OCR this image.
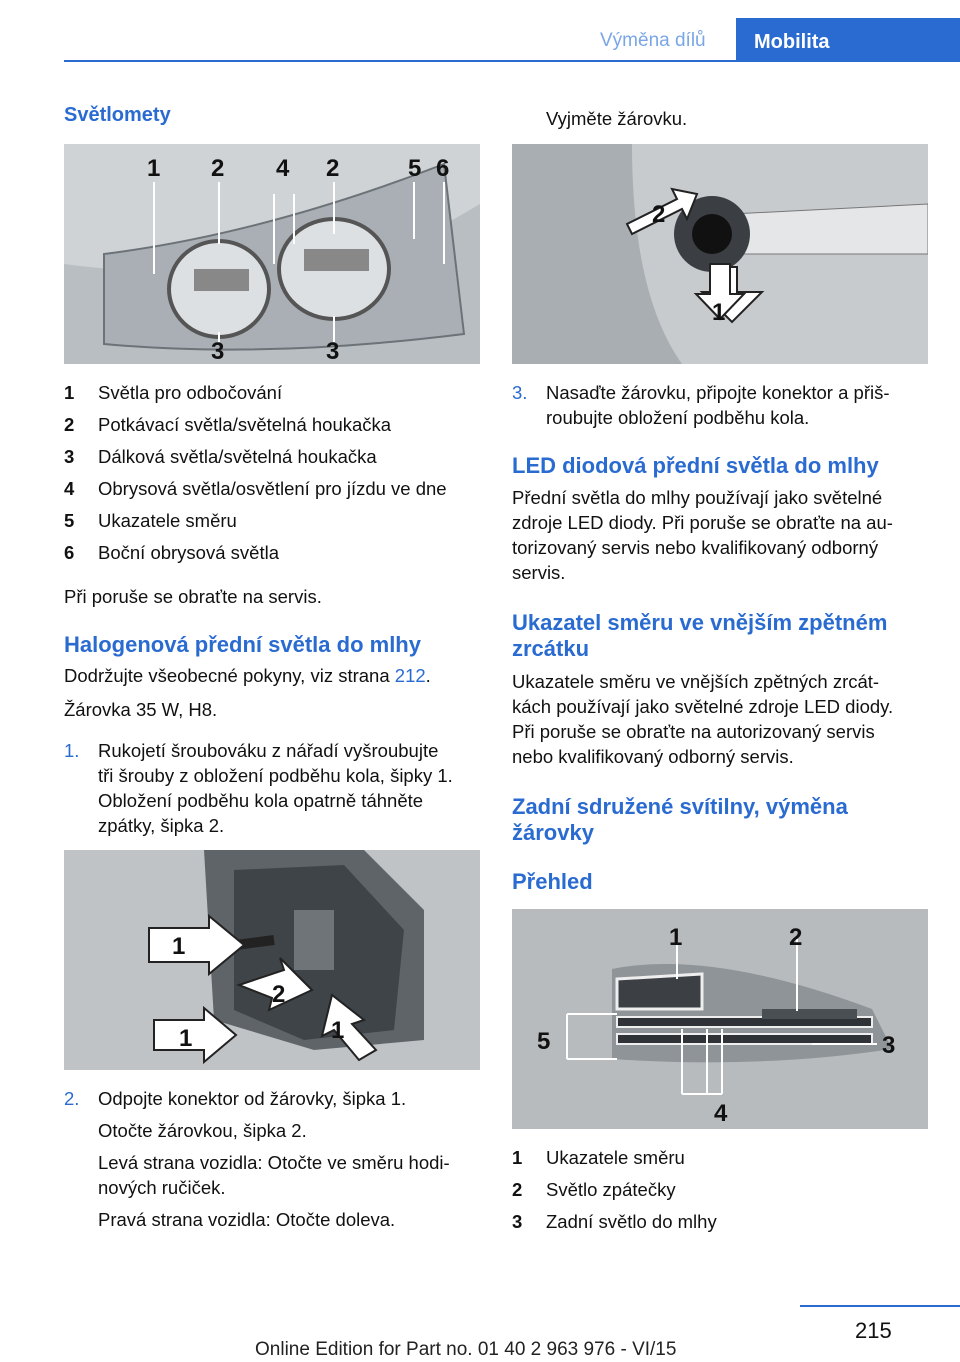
Výměna dílů	Mobilita
Světlomety
1 2 4 2	5 6
3	3
1 Světla pro odbočování
2 Potkávací světla/světelná houkačka
3 Dálková světla/světelná houkačka
4 Obrysová světla/osvětlení pro jízdu ve dne
5 Ukazatele směru
6 Boční obrysová světla
Při poruše se obraťte na servis.
Halogenová přední světla do mlhy
Dodržujte všeobecné pokyny, viz strana 212.
Žárovka 35 W, H8.
1. Rukojetí šroubováku z nářadí vyšroubujte
tři šrouby z obložení podběhu kola, šipky 1.
Obložení podběhu kola opatrně táhněte
zpátky, šipka 2.
1
2
1	1
2. Odpojte konektor od žárovky, šipka 1.
Otočte žárovkou, šipka 2.
Levá strana vozidla: Otočte ve směru hodi-
nových ručiček.
Pravá strana vozidla: Otočte doleva.
Vyjměte žárovku.
2
1
3. Nasaďte žárovku, připojte konektor a přiš-
roubujte obložení podběhu kola.
LED diodová přední světla do mlhy
Přední světla do mlhy používají jako světelné
zdroje LED diody. Při poruše se obraťte na au-
torizovaný servis nebo kvalifikovaný odborný
servis.
Ukazatel směru ve vnějším zpětném
zrcátku
Ukazatele směru ve vnějších zpětných zrcát-
kách používají jako světelné zdroje LED diody.
Při poruše se obraťte na autorizovaný servis
nebo kvalifikovaný odborný servis.
Zadní sdružené svítilny, výměna
žárovky
Přehled
1	2
5	3
4
1 Ukazatele směru
2 Světlo zpátečky
3 Zadní světlo do mlhy
215
Online Edition for Part no. 01 40 2 963 976 - VI/15
